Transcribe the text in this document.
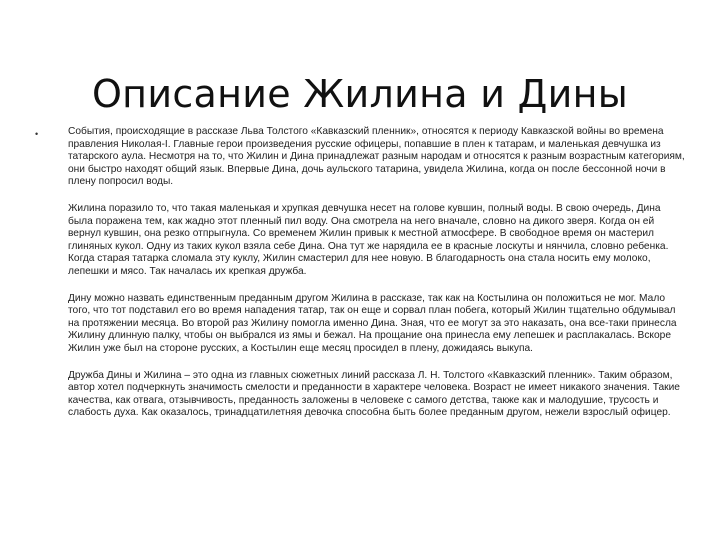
Описание Жилина и Дины
•	События, происходящие в рассказе Льва Толстого «Кавказский пленник», относятся к периоду Кавказской войны во времена правления Николая-I. Главные герои произведения русские офицеры, попавшие в плен к татарам, и маленькая девчушка из татарского аула. Несмотря на то, что Жилин и Дина принадлежат разным народам и относятся к разным возрастным категориям, они быстро находят общий язык. Впервые Дина, дочь аульского татарина, увидела Жилина, когда он после бессонной ночи в плену попросил воды.

Жилина поразило то, что такая маленькая и хрупкая девчушка несет на голове кувшин, полный воды. В свою очередь, Дина была поражена тем, как жадно этот пленный пил воду. Она смотрела на него вначале, словно на дикого зверя. Когда он ей вернул кувшин, она резко отпрыгнула. Со временем Жилин привык к местной атмосфере. В свободное время он мастерил глиняных кукол. Одну из таких кукол взяла себе Дина. Она тут же нарядила ее в красные лоскуты и нянчила, словно ребенка. Когда старая татарка сломала эту куклу, Жилин смастерил для нее новую. В благодарность она стала носить ему молоко, лепешки и мясо. Так началась их крепкая дружба.

Дину можно назвать единственным преданным другом Жилина в рассказе, так как на Костылина он положиться не мог. Мало того, что тот подставил его во время нападения татар, так он еще и сорвал план побега, который Жилин тщательно обдумывал на протяжении месяца. Во второй раз Жилину помогла именно Дина. Зная, что ее могут за это наказать, она все-таки принесла Жилину длинную палку, чтобы он выбрался из ямы и бежал. На прощание она принесла ему лепешек и расплакалась. Вскоре Жилин уже был на стороне русских, а Костылин еще месяц просидел в плену, дожидаясь выкупа.

Дружба Дины и Жилина – это одна из главных сюжетных линий рассказа Л. Н. Толстого «Кавказский пленник». Таким образом, автор хотел подчеркнуть значимость смелости и преданности в характере человека. Возраст не имеет никакого значения. Такие качества, как отвага, отзывчивость, преданность заложены в человеке с самого детства, также как и малодушие, трусость и слабость духа. Как оказалось, тринадцатилетняя девочка способна быть более преданным другом, нежели взрослый офицер.
